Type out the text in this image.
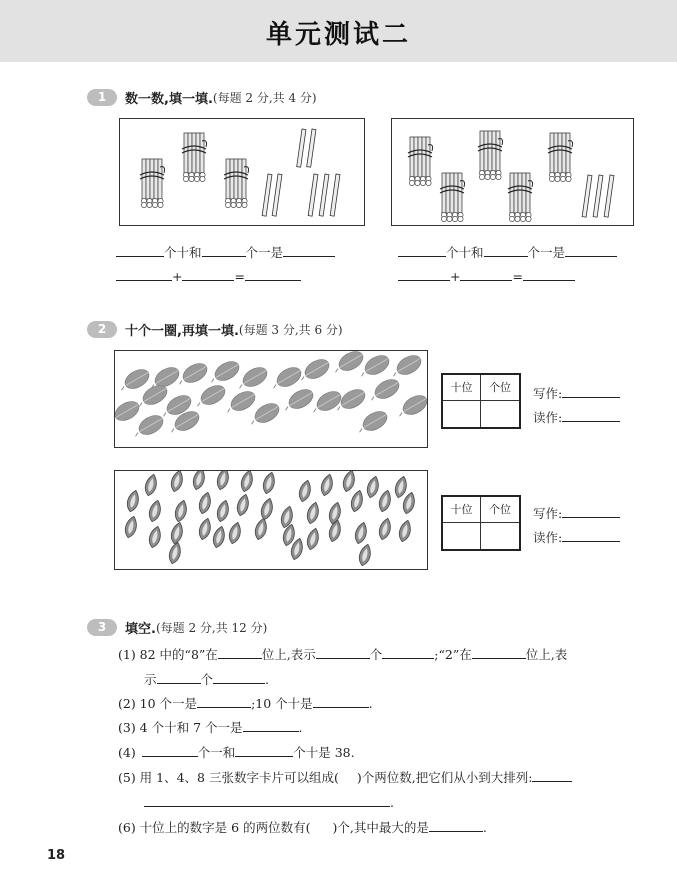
单元测试二
1	数一数,填一填. (每题 2 分,共 4 分)
个十和	个一是
+	=
个十和	个一是
+	=
2	十个一圈,再填一填. (每题 3 分,共 6 分)
十位	个位	写作:
读作:
十位	个位	写作:
读作:
3	填空. (每题 2 分,共 12 分)
(1) 82 中的“8”在	位上,表示	个	;“2”在	位上,表
示	个	.
(2) 10 个一是	;10 个十是	.
(3) 4 个十和 7 个一是	.
(4)	个一和	个十是 38.
(5) 用 1、4、8 三张数字卡片可以组成( )个两位数,把它们从小到大排列:
.
(6) 十位上的数字是 6 的两位数有( )个,其中最大的是	.
18
